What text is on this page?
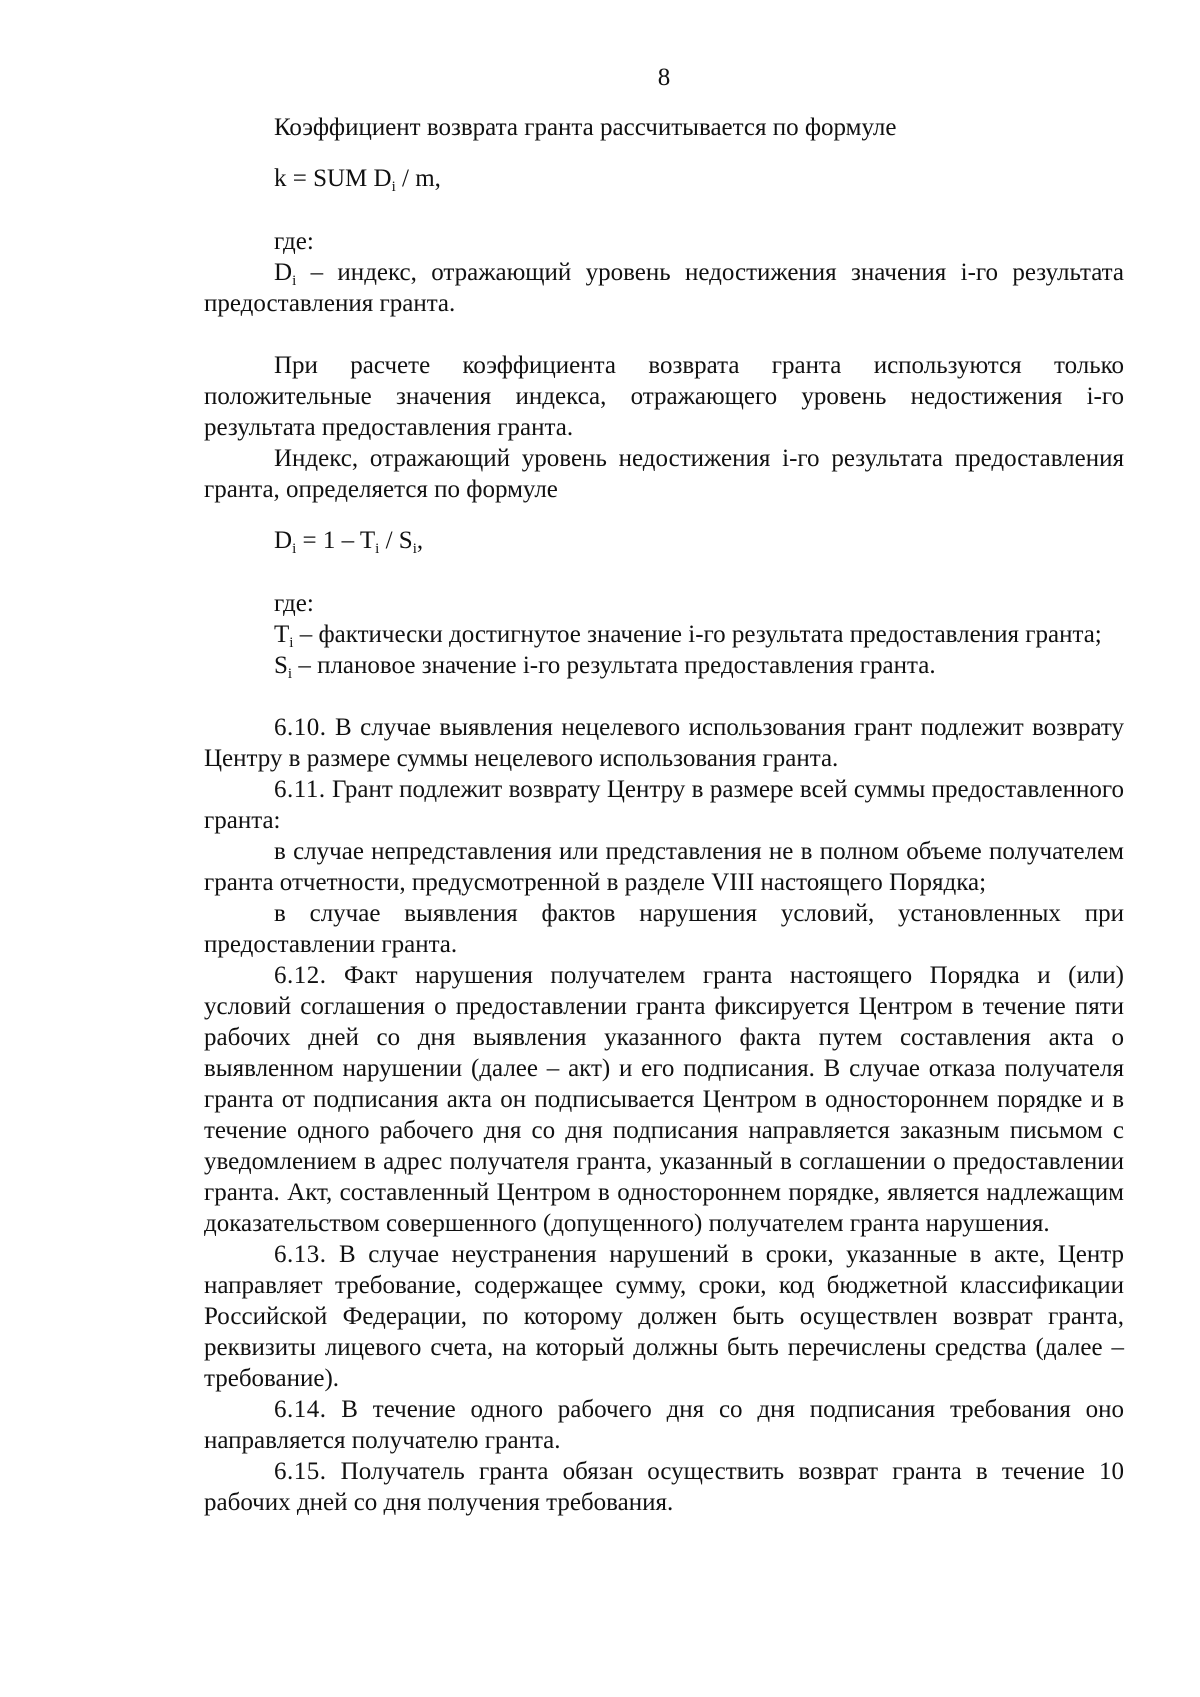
8

Коэффициент возврата гранта рассчитывается по формуле

k = SUM $D_i$ / m,

где:

$D_i$ – индекс, отражающий уровень недостижения значения i-го результата предоставления гранта.

При расчете коэффициента возврата гранта используются только положительные значения индекса, отражающего уровень недостижения i-го результата предоставления гранта.

Индекс, отражающий уровень недостижения i-го результата предоставления гранта, определяется по формуле

$D_i = 1 - T_i / S_i$,

где:

$T_i$ – фактически достигнутое значение i-го результата предоставления гранта;

$S_i$ – плановое значение i-го результата предоставления гранта.

6.10. В случае выявления нецелевого использования грант подлежит возврату Центру в размере суммы нецелевого использования гранта.

6.11. Грант подлежит возврату Центру в размере всей суммы предоставленного гранта:

в случае непредставления или представления не в полном объеме получателем гранта отчетности, предусмотренной в разделе VIII настоящего Порядка;

в случае выявления фактов нарушения условий, установленных при предоставлении гранта.

6.12. Факт нарушения получателем гранта настоящего Порядка и (или) условий соглашения о предоставлении гранта фиксируется Центром в течение пяти рабочих дней со дня выявления указанного факта путем составления акта о выявленном нарушении (далее – акт) и его подписания. В случае отказа получателя гранта от подписания акта он подписывается Центром в одностороннем порядке и в течение одного рабочего дня со дня подписания направляется заказным письмом с уведомлением в адрес получателя гранта, указанный в соглашении о предоставлении гранта. Акт, составленный Центром в одностороннем порядке, является надлежащим доказательством совершенного (допущенного) получателем гранта нарушения.

6.13. В случае неустранения нарушений в сроки, указанные в акте, Центр направляет требование, содержащее сумму, сроки, код бюджетной классификации Российской Федерации, по которому должен быть осуществлен возврат гранта, реквизиты лицевого счета, на который должны быть перечислены средства (далее – требование).

6.14. В течение одного рабочего дня со дня подписания требования оно направляется получателю гранта.

6.15. Получатель гранта обязан осуществить возврат гранта в течение 10 рабочих дней со дня получения требования.
